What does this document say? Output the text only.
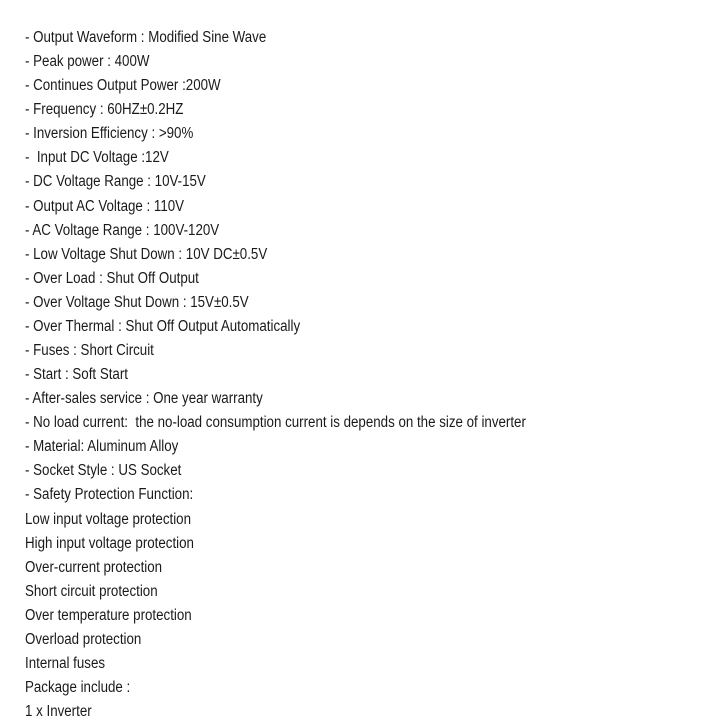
- Output Waveform : Modified Sine Wave
- Peak power : 400W
- Continues Output Power :200W
- Frequency : 60HZ±0.2HZ
- Inversion Efficiency : >90%
-  Input DC Voltage :12V
- DC Voltage Range : 10V-15V
- Output AC Voltage : 110V
- AC Voltage Range : 100V-120V
- Low Voltage Shut Down : 10V DC±0.5V
- Over Load : Shut Off Output
- Over Voltage Shut Down : 15V±0.5V
- Over Thermal : Shut Off Output Automatically
- Fuses : Short Circuit
- Start : Soft Start
- After-sales service : One year warranty
- No load current:  the no-load consumption current is depends on the size of inverter
- Material: Aluminum Alloy
- Socket Style : US Socket
- Safety Protection Function:
Low input voltage protection
High input voltage protection
Over-current protection
Short circuit protection
Over temperature protection
Overload protection
Internal fuses
Package include :
1 x Inverter
